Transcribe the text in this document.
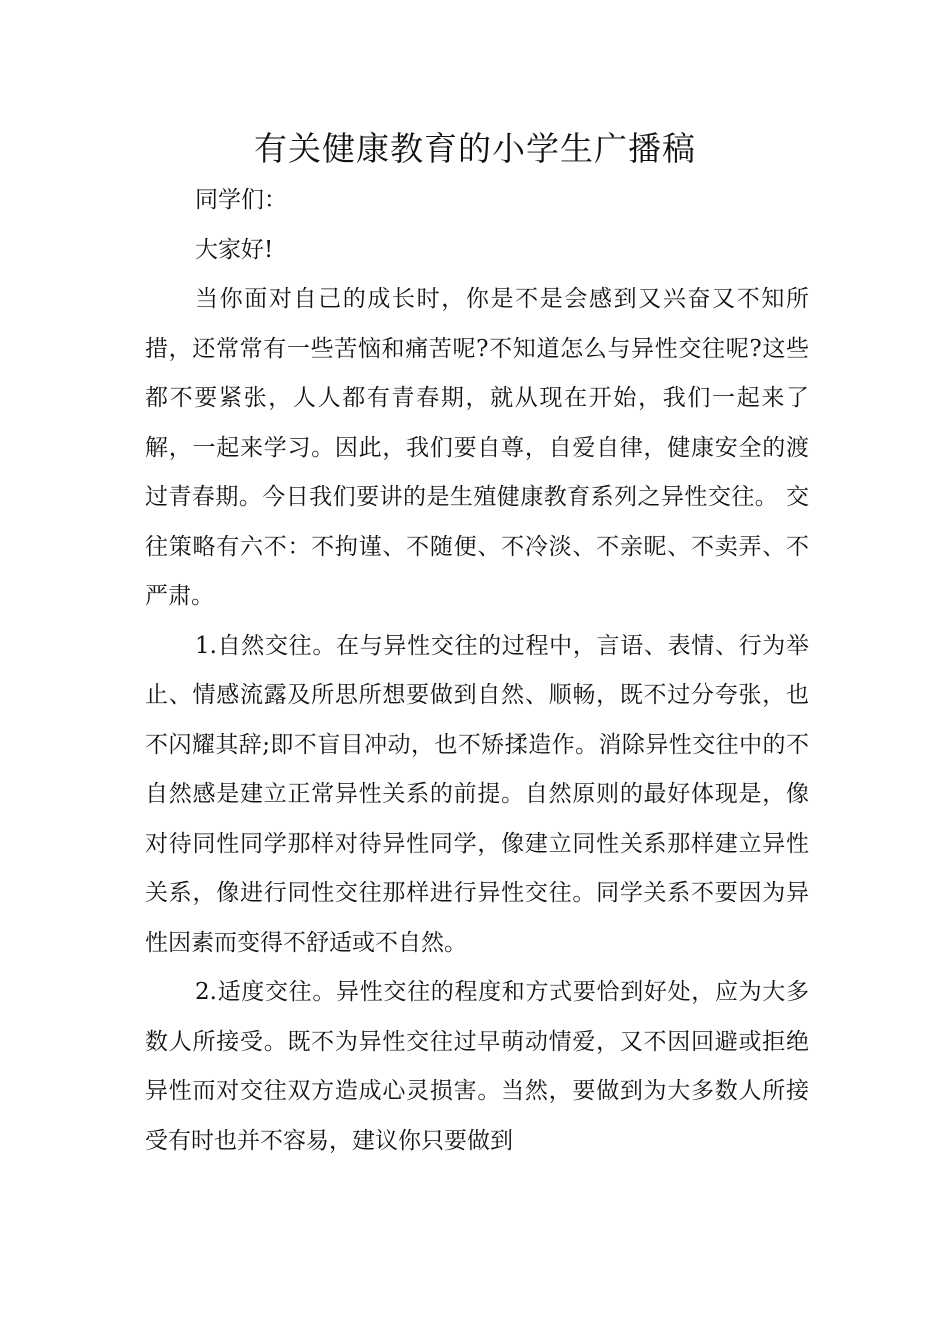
有关健康教育的小学生广播稿

同学们：

大家好!

当你面对自己的成长时，你是不是会感到又兴奋又不知所措，还常常有一些苦恼和痛苦呢?不知道怎么与异性交往呢?这些都不要紧张，人人都有青春期，就从现在开始，我们一起来了解，一起来学习。因此，我们要自尊，自爱自律，健康安全的渡过青春期。今日我们要讲的是生殖健康教育系列之异性交往。 交往策略有六不：不拘谨、不随便、不冷淡、不亲昵、不卖弄、不严肃。

1.自然交往。在与异性交往的过程中，言语、表情、行为举止、情感流露及所思所想要做到自然、顺畅，既不过分夸张，也不闪耀其辞;即不盲目冲动，也不矫揉造作。消除异性交往中的不自然感是建立正常异性关系的前提。自然原则的最好体现是，像对待同性同学那样对待异性同学，像建立同性关系那样建立异性关系，像进行同性交往那样进行异性交往。同学关系不要因为异性因素而变得不舒适或不自然。

2.适度交往。异性交往的程度和方式要恰到好处，应为大多数人所接受。既不为异性交往过早萌动情爱，又不因回避或拒绝异性而对交往双方造成心灵损害。当然，要做到为大多数人所接受有时也并不容易，建议你只要做到
